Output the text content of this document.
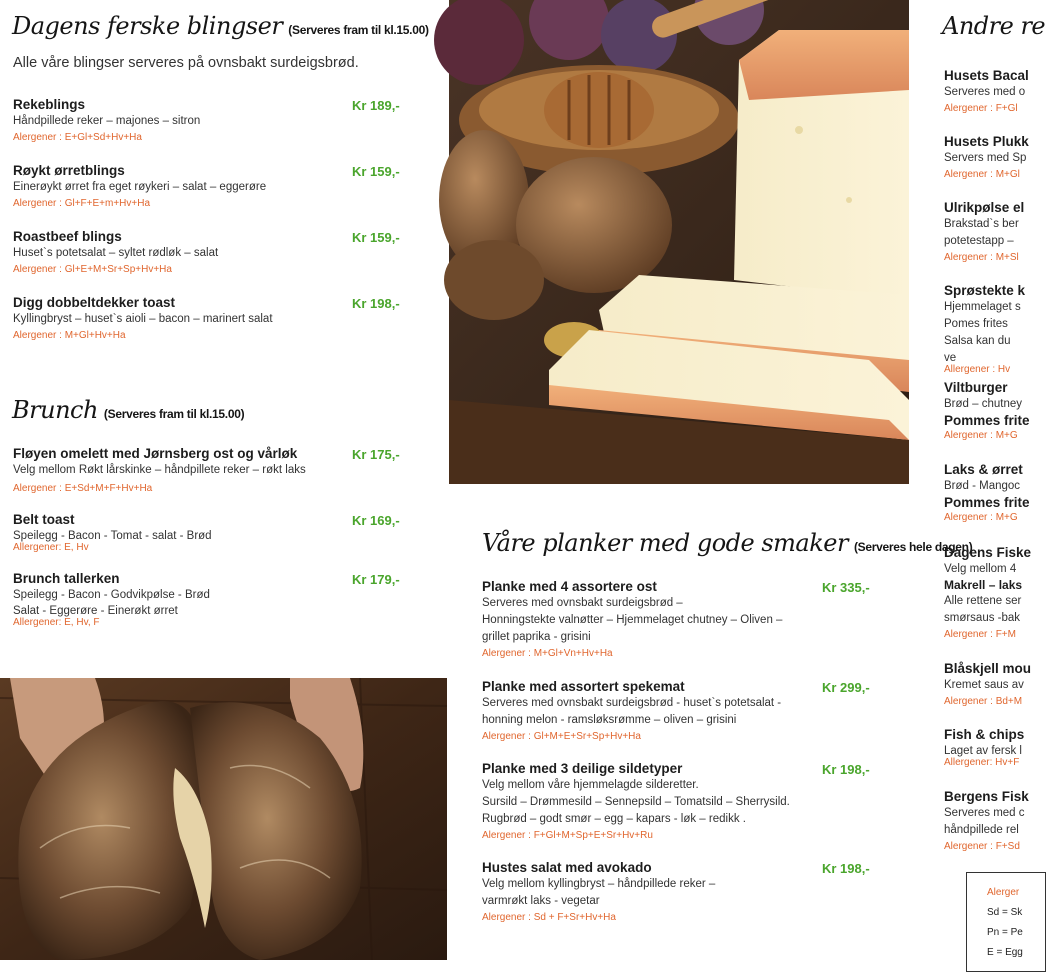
Dagens ferske blingser (Serveres fram til kl.15.00)
Alle våre blingser serveres på ovnsbakt surdeigsbrød.
Rekeblings
Håndpillede reker – majones – sitron
Alergener : E+Gl+Sd+Hv+Ha
Kr 189,-
Røykt ørretblings
Einerøykt ørret fra eget røykeri – salat – eggerøre
Alergener : Gl+F+E+m+Hv+Ha
Kr 159,-
Roastbeef blings
Huset`s potetsalat – syltet rødløk – salat
Alergener : Gl+E+M+Sr+Sp+Hv+Ha
Kr 159,-
Digg dobbeltdekker toast
Kyllingbryst – huset`s aioli – bacon – marinert salat
Alergener : M+Gl+Hv+Ha
Kr 198,-
Brunch (Serveres fram til kl.15.00)
Fløyen omelett med Jørnsberg ost og vårløk
Velg mellom Røkt lårskinke – håndpillete reker – røkt laks
Alergener : E+Sd+M+F+Hv+Ha
Kr 175,-
Belt toast
Speilegg - Bacon - Tomat - salat - Brød
Allergener: E, Hv
Kr 169,-
Brunch tallerken
Speilegg - Bacon - Godvikpølse - Brød
Salat - Eggerøre - Einerøkt ørret
Allergener: E, Hv, F
Kr 179,-
Våre planker med gode smaker (Serveres hele dagen)
Planke med 4 assortere ost
Serveres med ovnsbakt surdeigsbrød –
Honningstekte valnøtter – Hjemmelaget chutney – Oliven –
grillet paprika - grisini
Alergener : M+Gl+Vn+Hv+Ha
Kr 335,-
Planke med assortert spekemat
Serveres med ovnsbakt surdeigsbrød - huset`s potetsalat -
honning melon - ramsløksrømme – oliven – grisini
Alergener : Gl+M+E+Sr+Sp+Hv+Ha
Kr 299,-
Planke med 3 deilige sildetyper
Velg mellom våre hjemmelagde silderetter.
Sursild – Drømmesild – Sennepsild – Tomatsild – Sherrysild.
Rugbrød – godt smør – egg – kapars - løk – redikk .
Alergener : F+Gl+M+Sp+E+Sr+Hv+Ru
Kr 198,-
Hustes salat med avokado
Velg mellom kyllingbryst – håndpillede reker –
varmrøkt laks - vegetar
Alergener : Sd + F+Sr+Hv+Ha
Kr 198,-
Andre re
Husets Bacal
Serveres med o
Alergener : F+Gl
Husets Plukk
Servers med Sp
Alergener : M+Gl
Ulrikpølse el
Brakstad`s ber
potetestapp –
Alergener : M+Sl
Sprøstekte k
Hjemmelaget s
Pomes frites
Salsa kan du ve
Allergener : Hv
Viltburger
Brød – chutney
Pommes frite
Alergener : M+G
Laks & ørret
Brød - Mangoc
Pommes frite
Alergener : M+G
Dagens Fiske
Velg mellom 4
Makrell – laks
Alle rettene ser
smørsaus -bak
Alergener : F+M
Blåskjell mou
Kremet saus av
Alergener : Bd+M
Fish & chips
Laget av fersk l
Allergener: Hv+F
Bergens Fisk
Serveres med c
håndpillede rel
Alergener : F+Sd
Alerger
Sd = Sk
Pn = Pe
E = Egg
